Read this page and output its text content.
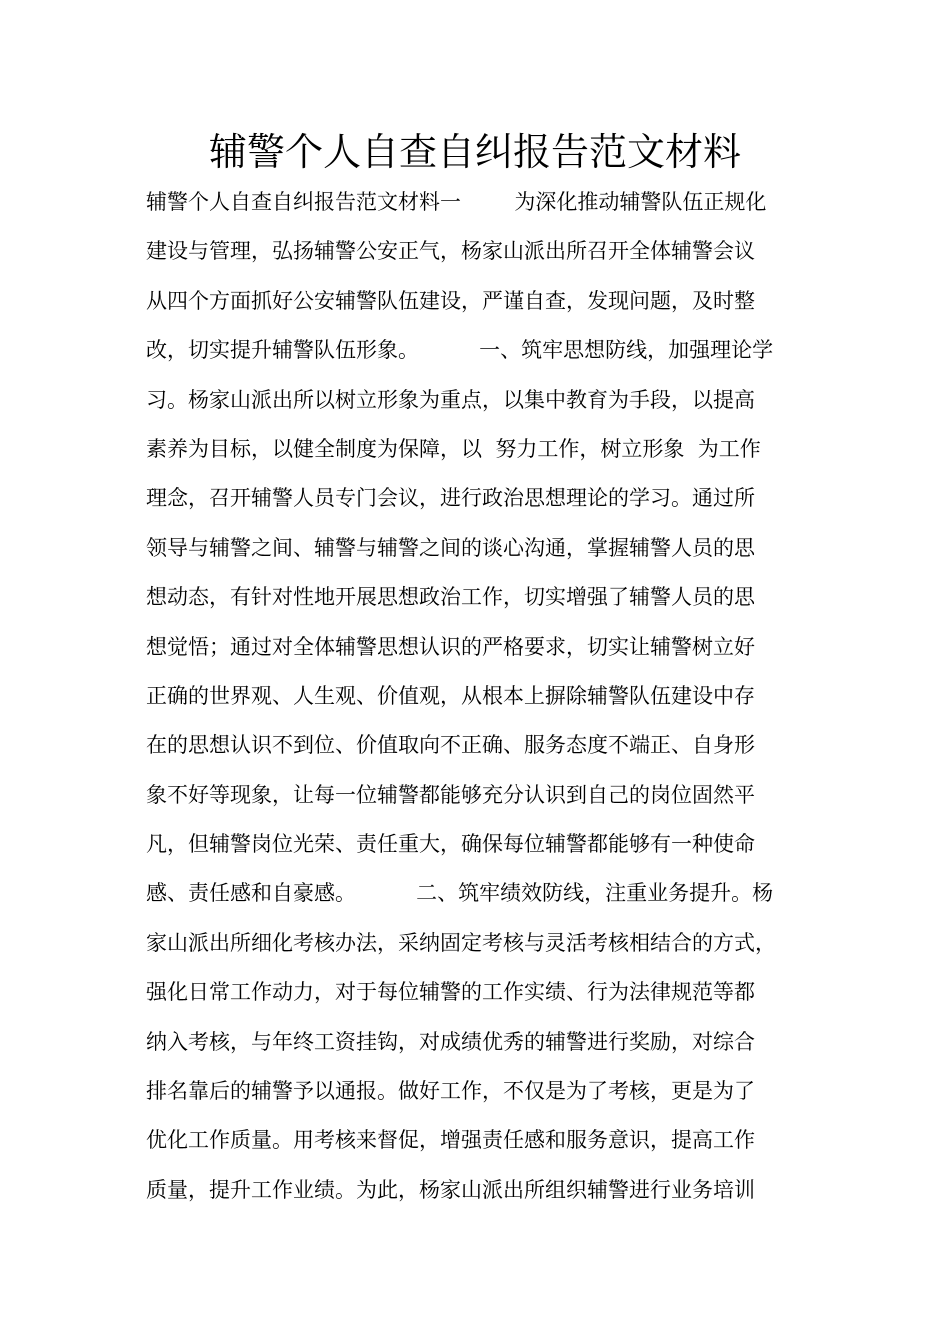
辅警个人自查自纠报告范文材料
辅警个人自查自纠报告范文材料一        为深化推动辅警队伍正规化
建设与管理，弘扬辅警公安正气，杨家山派出所召开全体辅警会议
从四个方面抓好公安辅警队伍建设，严谨自查，发现问题，及时整
改，切实提升辅警队伍形象。         一、筑牢思想防线，加强理论学
习。杨家山派出所以树立形象为重点，以集中教育为手段，以提高
素养为目标，以健全制度为保障，以  努力工作，树立形象  为工作
理念，召开辅警人员专门会议，进行政治思想理论的学习。通过所
领导与辅警之间、辅警与辅警之间的谈心沟通，掌握辅警人员的思
想动态，有针对性地开展思想政治工作，切实增强了辅警人员的思
想觉悟；通过对全体辅警思想认识的严格要求，切实让辅警树立好
正确的世界观、人生观、价值观，从根本上摒除辅警队伍建设中存
在的思想认识不到位、价值取向不正确、服务态度不端正、自身形
象不好等现象，让每一位辅警都能够充分认识到自己的岗位固然平
凡，但辅警岗位光荣、责任重大，确保每位辅警都能够有一种使命
感、责任感和自豪感。         二、筑牢绩效防线，注重业务提升。杨
家山派出所细化考核办法，采纳固定考核与灵活考核相结合的方式，
强化日常工作动力，对于每位辅警的工作实绩、行为法律规范等都
纳入考核，与年终工资挂钩，对成绩优秀的辅警进行奖励，对综合
排名靠后的辅警予以通报。做好工作，不仅是为了考核，更是为了
优化工作质量。用考核来督促，增强责任感和服务意识，提高工作
质量，提升工作业绩。为此，杨家山派出所组织辅警进行业务培训
